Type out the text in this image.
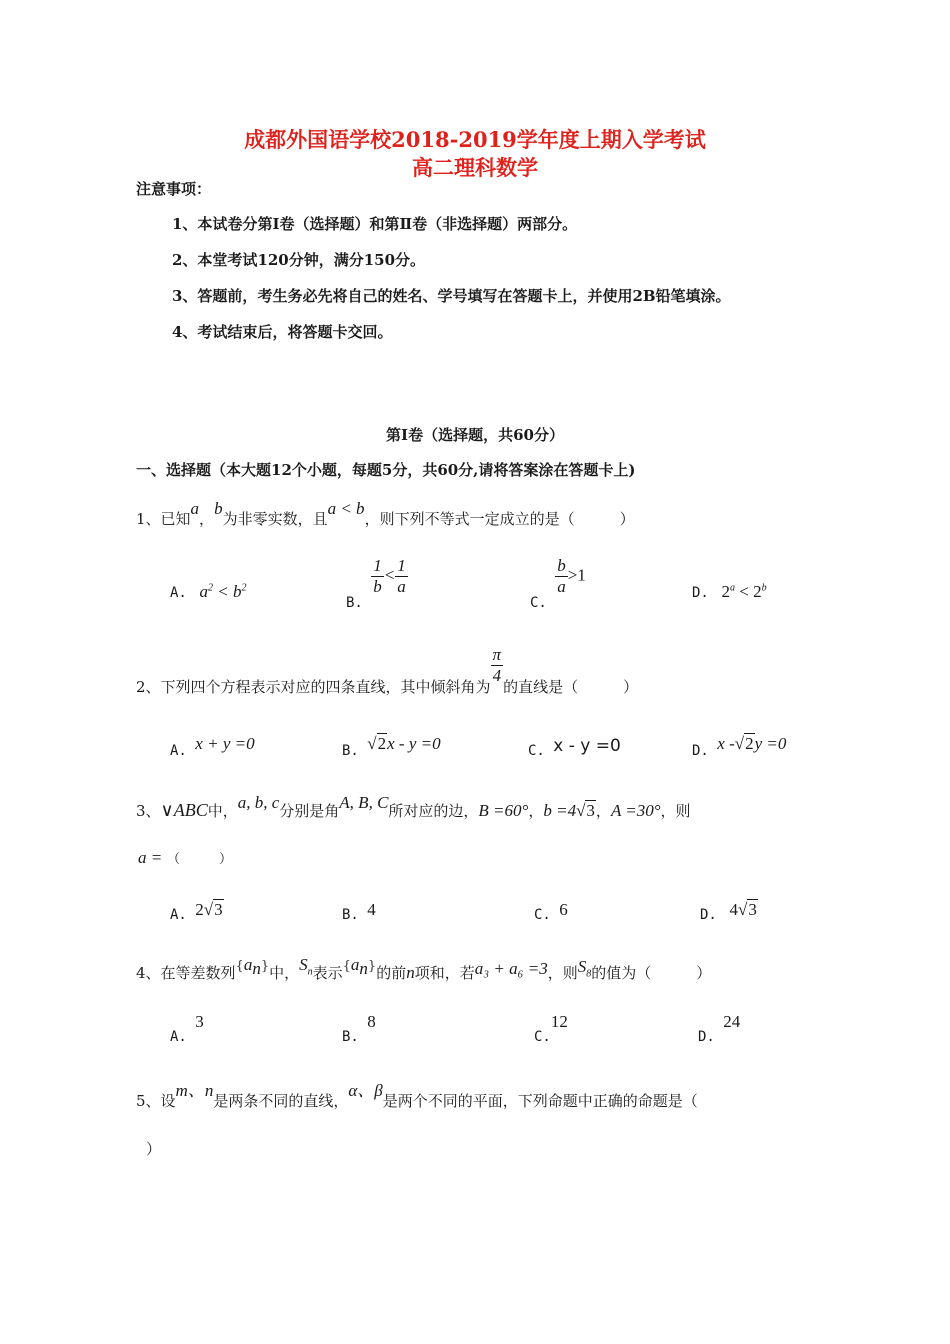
成都外国语学校2018-2019学年度上期入学考试
高二理科数学
注意事项：
1、本试卷分第Ⅰ卷（选择题）和第Ⅱ卷（非选择题）两部分。
2、本堂考试120分钟，满分150分。
3、答题前，考生务必先将自己的姓名、学号填写在答题卡上，并使用2B铅笔填涂。
4、考试结束后，将答题卡交回。
第Ⅰ卷（选择题，共60分）
一、选择题（本大题12个小题，每题5分，共60分,请将答案涂在答题卡上)
1、已知a，b为非零实数，且a < b，则下列不等式一定成立的是（　　　）
A.  $a^2 < b^2$
B.
$\frac{1}{b} < \frac{1}{a}$
C.
$\frac{b}{a} >1$
D.  $2^a < 2^b$
2、下列四个方程表示对应的四条直线，其中倾斜角为
$\frac{\pi}{4}$
的直线是（　　　）
A. x + y =0	B. √2x - y =0	C. x - y =0	D. x -√2y =0
3、∨ABC中，a, b, c分别是角A, B, C所对应的边，B =60°，b =4√3，A =30°，则
a = （　　　）
A. 2√3	B. 4	C. 6	D. 4√3
4、在等差数列$\{a_n\}$中，$S_n$表示$\{a_n\}$的前n项和，若a₃ + a₆ =3，则$S_8$的值为（　　　）
A. 3
B. 8
C.12
D. 24
5、设m、n是两条不同的直线，α、β是两个不同的平面，下列命题中正确的命题是（
）
